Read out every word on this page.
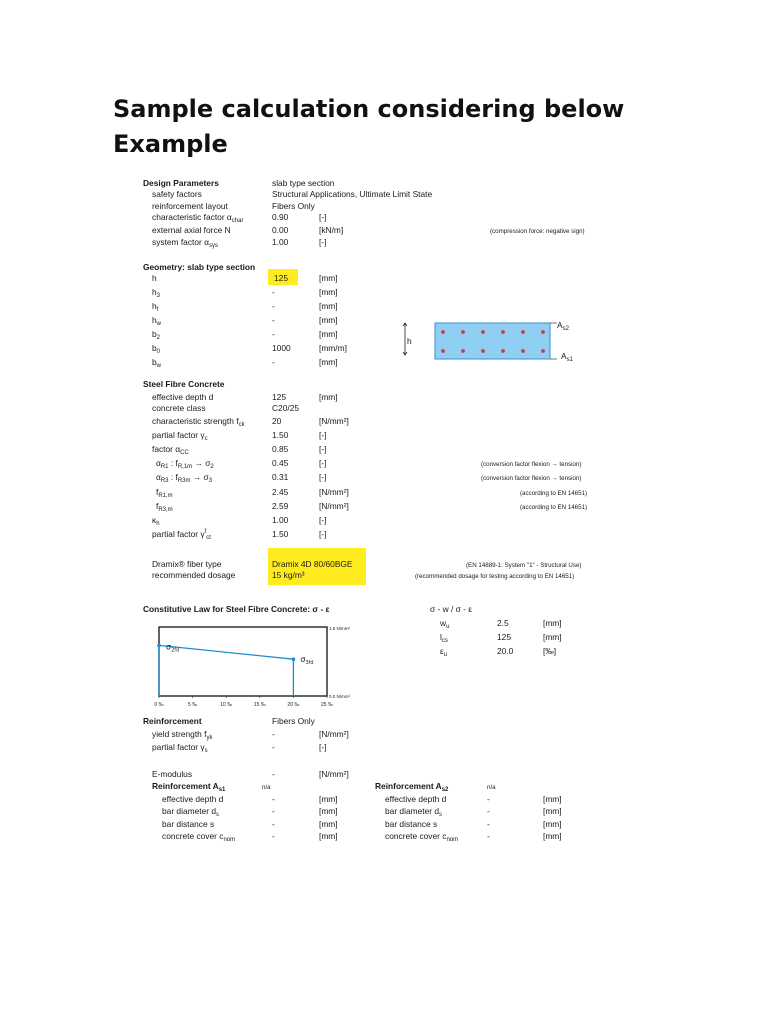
Sample calculation considering below Example
Design Parameters	slab type section
safety factors	Structural Applications, Ultimate Limit State
reinforcement layout	Fibers Only
characteristic factor $\alpha_{char}$	0.90	[-]
external axial force N	0.00	[kN/m]	(compression force: negative sign)
system factor $\alpha_{sys}$	1.00	[-]
Geometry: slab type section
h	125	[mm]
$h_3$	-	[mm]
$h_f$	-	[mm]
$h_w$	-	[mm]
$b_2$	-	[mm]
$b_0$	1000	[mm/m]
$b_w$	-	[mm]
h
$A_{s2}$
$A_{s1}$
Steel Fibre Concrete
effective depth d	125	[mm]
concrete class	C20/25
characteristic strength $f_{ck}$	20	[N/mm²]
partial factor $\gamma_c$	1.50	[-]
factor $\alpha_{CC}$	0.85	[-]
$\alpha_{R1}$ : $f_{R,1m} \to \sigma_2$	0.45	[-]	(conversion factor flexion → tension)
$\alpha_{R3}$ : $f_{R3m} \to \sigma_3$	0.31	[-]	(conversion factor flexion → tension)
$f_{R1,m}$	2.45	[N/mm²]	(according to EN 14651)
$f_{R3,m}$	2.59	[N/mm²]	(according to EN 14651)
$\kappa_h$	1.00	[-]
partial factor $\gamma^f_{ct}$	1.50	[-]
Dramix® fiber type	Dramix 4D 80/60BGE	(EN 14889-1: System "1" - Structural Use)
recommended dosage	15 kg/m³	(recommended dosage for testing according to EN 14651)
Constitutive Law for Steel Fibre Concrete: σ - ε	σ - w / σ - ε
$w_u$	2.5	[mm]
$l_{cs}$	125	[mm]
$\varepsilon_u$	20.0	[‰]
0 ‰	5 ‰	10 ‰	15 ‰	20 ‰	25 ‰
1.5 N/mm²
0.0 N/mm²
$\sigma_{2fd}$
$\sigma_{3fd}$
Reinforcement	Fibers Only
yield strength $f_{yk}$	-	[N/mm²]
partial factor $\gamma_s$	-	[-]
E-modulus	-	[N/mm²]
Reinforcement $A_{s1}$	n/a
effective depth d	-	[mm]
bar diameter $d_s$	-	[mm]
bar distance s	-	[mm]
concrete cover $c_{nom}$	-	[mm]
Reinforcement $A_{s2}$	n/a
effective depth d	-	[mm]
bar diameter $d_s$	-	[mm]
bar distance s	-	[mm]
concrete cover $c_{nom}$	-	[mm]
